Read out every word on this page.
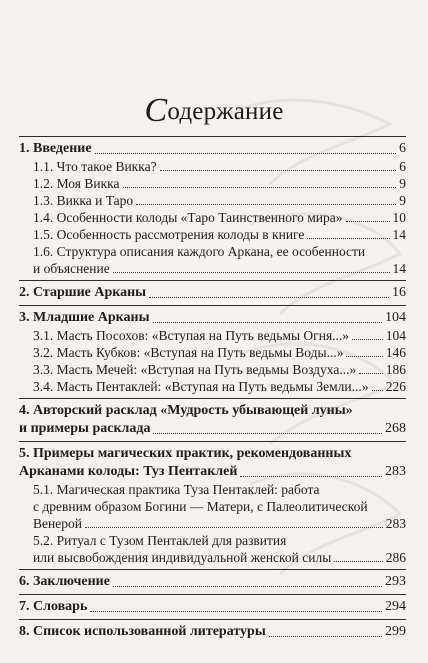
Содержание
1. Введение	6
1.1. Что такое Викка?	6
1.2. Моя Викка	9
1.3. Викка и Таро	9
1.4. Особенности колоды «Таро Таинственного мира»	10
1.5. Особенность рассмотрения колоды в книге	14
1.6. Структура описания каждого Аркана, ее особенности
и объяснение	14
2. Старшие Арканы	16
3. Младшие Арканы	104
3.1. Масть Посохов: «Вступая на Путь ведьмы Огня...»	104
3.2. Масть Кубков: «Вступая на Путь ведьмы Воды...»	146
3.3. Масть Мечей: «Вступая на Путь ведьмы Воздуха...» 186
3.4. Масть Пентаклей: «Вступая на Путь ведьмы Земли...» 226
4. Авторский расклад «Мудрость убывающей луны»
и примеры расклада	268
5. Примеры магических практик, рекомендованных
Арканами колоды: Туз Пентаклей	283
5.1. Магическая практика Туза Пентаклей: работа
с древним образом Богини — Матери, с Палеолитической
Венерой	283
5.2. Ритуал с Тузом Пентаклей для развития
или высвобождения индивидуальной женской силы	286
6. Заключение	293
7. Словарь	294
8. Список использованной литературы	299
